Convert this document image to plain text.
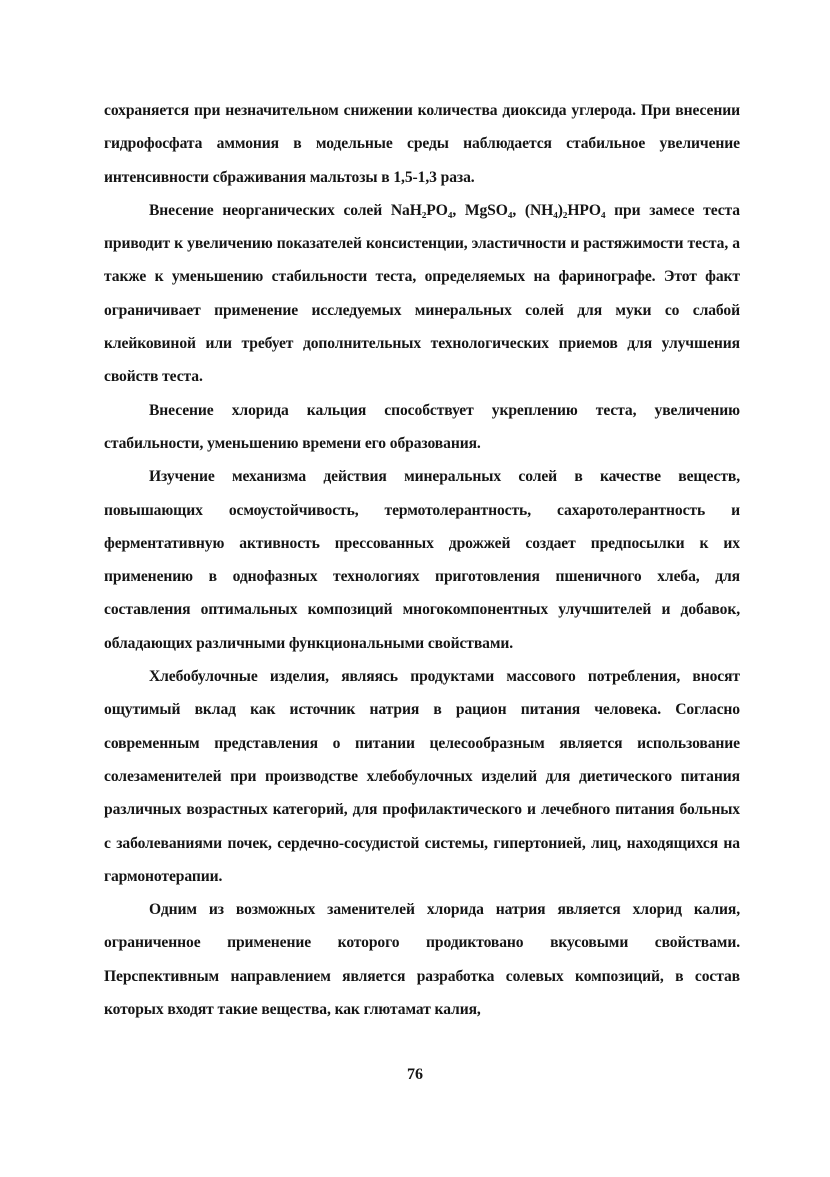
сохраняется при незначительном снижении количества диоксида углерода. При внесении гидрофосфата аммония в модельные среды наблюдается стабильное увеличение интенсивности сбраживания мальтозы в 1,5-1,3 раза.

Внесение неорганических солей NaH₂PO₄, MgSO₄, (NH₄)₂HPO₄ при замесе теста приводит к увеличению показателей консистенции, эластичности и растяжимости теста, а также к уменьшению стабильности теста, определяемых на фаринографе. Этот факт ограничивает применение исследуемых минеральных солей для муки со слабой клейковиной или требует дополнительных технологических приемов для улучшения свойств теста.

Внесение хлорида кальция способствует укреплению теста, увеличению стабильности, уменьшению времени его образования.

Изучение механизма действия минеральных солей в качестве веществ, повышающих осмоустойчивость, термотолерантность, сахаротолерантность и ферментативную активность прессованных дрожжей создает предпосылки к их применению в однофазных технологиях приготовления пшеничного хлеба, для составления оптимальных композиций многокомпонентных улучшителей и добавок, обладающих различными функциональными свойствами.

Хлебобулочные изделия, являясь продуктами массового потребления, вносят ощутимый вклад как источник натрия в рацион питания человека. Согласно современным представления о питании целесообразным является использование солезаменителей при производстве хлебобулочных изделий для диетического питания различных возрастных категорий, для профилактического и лечебного питания больных с заболеваниями почек, сердечно-сосудистой системы, гипертонией, лиц, находящихся на гармонотерапии.

Одним из возможных заменителей хлорида натрия является хлорид калия, ограниченное применение которого продиктовано вкусовыми свойствами. Перспективным направлением является разработка солевых композиций, в состав которых входят такие вещества, как глютамат калия,

76
